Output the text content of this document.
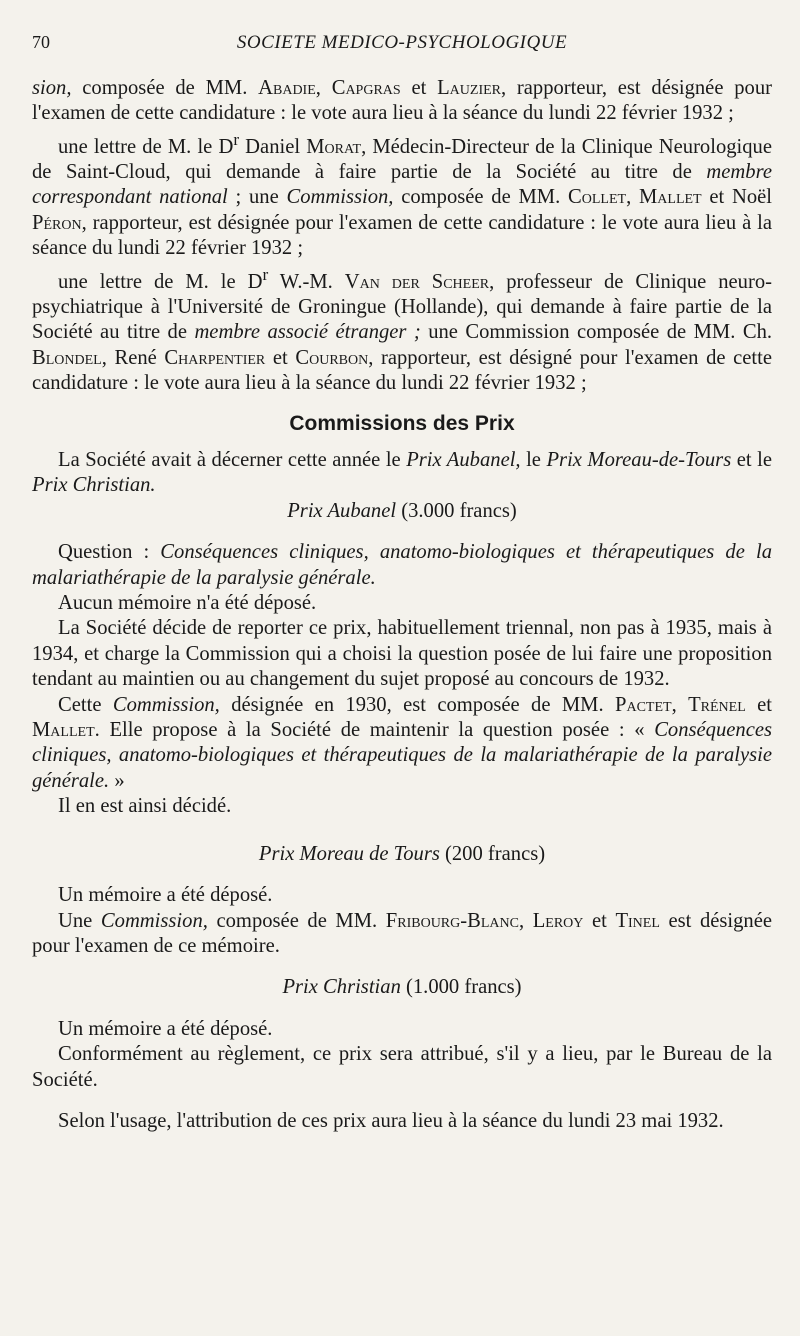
70	SOCIETE MEDICO-PSYCHOLOGIQUE

sion, composée de MM. Abadie, Capgras et Lauzier, rapporteur, est désignée pour l'examen de cette candidature : le vote aura lieu à la séance du lundi 22 février 1932 ;

une lettre de M. le $D^r$ Daniel Morat, Médecin-Directeur de la Clinique Neurologique de Saint-Cloud, qui demande à faire partie de la Société au titre de membre correspondant national ; une Commission, composée de MM. Collet, Mallet et Noël Péron, rapporteur, est désignée pour l'examen de cette candidature : le vote aura lieu à la séance du lundi 22 février 1932 ;

une lettre de M. le $D^r$ W.-M. Van der Scheer, professeur de Clinique neuro-psychiatrique à l'Université de Groningue (Hollande), qui demande à faire partie de la Société au titre de membre associé étranger ; une Commission composée de MM. Ch. Blondel, René Charpentier et Courbon, rapporteur, est désigné pour l'examen de cette candidature : le vote aura lieu à la séance du lundi 22 février 1932 ;

Commissions des Prix

La Société avait à décerner cette année le Prix Aubanel, le Prix Moreau-de-Tours et le Prix Christian.

Prix Aubanel (3.000 francs)

Question : Conséquences cliniques, anatomo-biologiques et thérapeutiques de la malariathérapie de la paralysie générale.

Aucun mémoire n'a été déposé.

La Société décide de reporter ce prix, habituellement triennal, non pas à 1935, mais à 1934, et charge la Commission qui a choisi la question posée de lui faire une proposition tendant au maintien ou au changement du sujet proposé au concours de 1932.

Cette Commission, désignée en 1930, est composée de MM. Pactet, Trénel et Mallet. Elle propose à la Société de maintenir la question posée : « Conséquences cliniques, anatomo-biologiques et thérapeutiques de la malariathérapie de la paralysie générale. »

Il en est ainsi décidé.

Prix Moreau de Tours (200 francs)

Un mémoire a été déposé.

Une Commission, composée de MM. Fribourg-Blanc, Leroy et Tinel est désignée pour l'examen de ce mémoire.

Prix Christian (1.000 francs)

Un mémoire a été déposé.

Conformément au règlement, ce prix sera attribué, s'il y a lieu, par le Bureau de la Société.

Selon l'usage, l'attribution de ces prix aura lieu à la séance du lundi 23 mai 1932.
